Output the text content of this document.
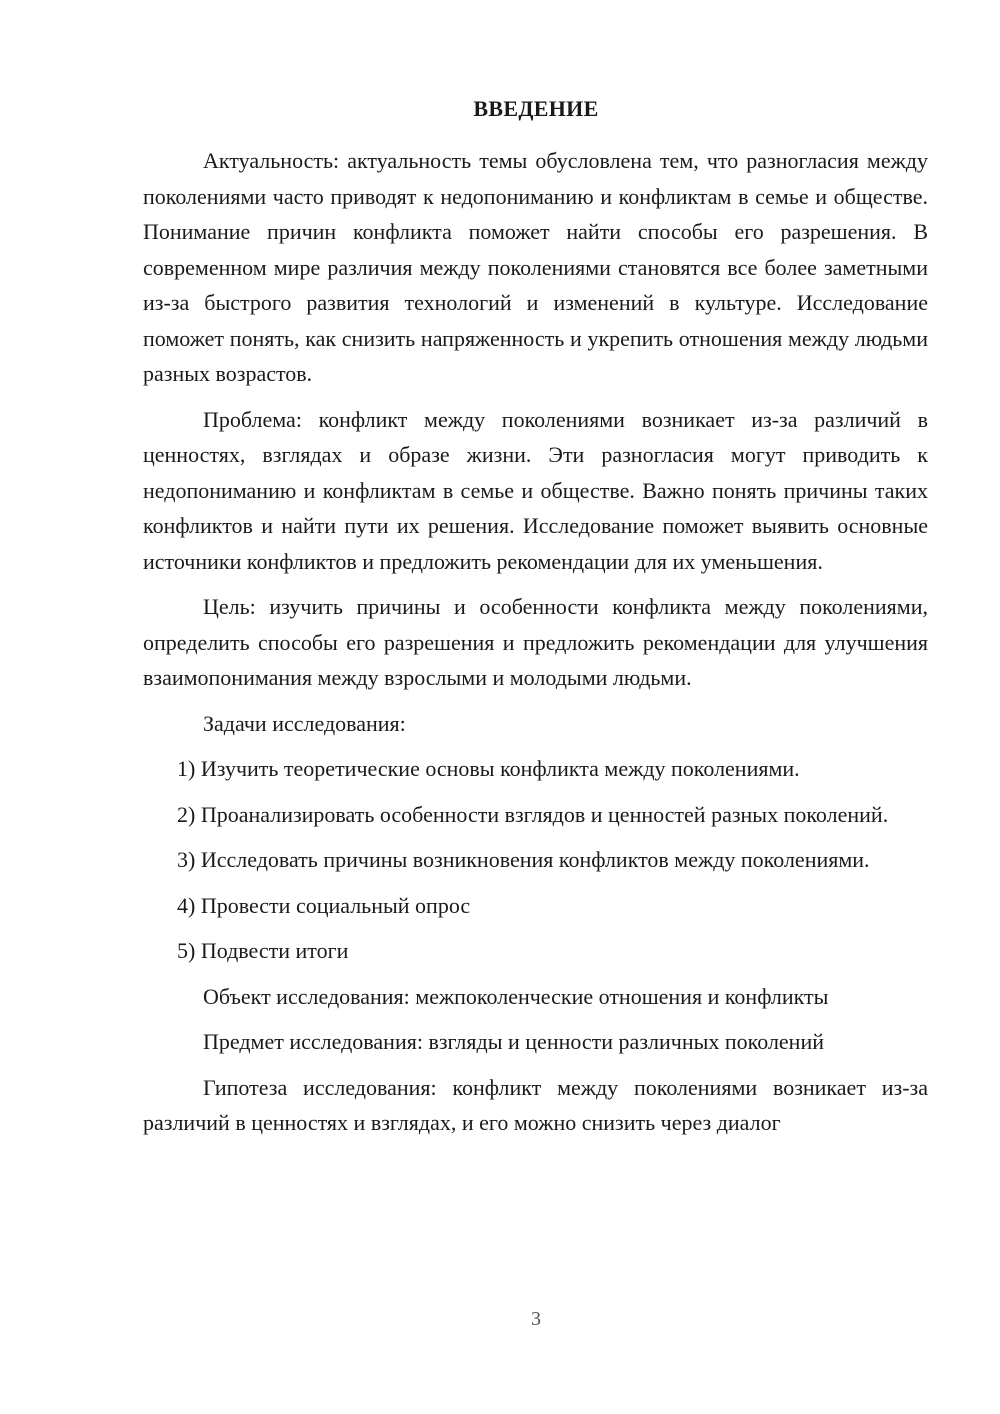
ВВЕДЕНИЕ

Актуальность: актуальность темы обусловлена тем, что разногласия между поколениями часто приводят к недопониманию и конфликтам в семье и обществе. Понимание причин конфликта поможет найти способы его разрешения. В современном мире различия между поколениями становятся все более заметными из-за быстрого развития технологий и изменений в культуре. Исследование поможет понять, как снизить напряженность и укрепить отношения между людьми разных возрастов.

Проблема: конфликт между поколениями возникает из-за различий в ценностях, взглядах и образе жизни. Эти разногласия могут приводить к недопониманию и конфликтам в семье и обществе. Важно понять причины таких конфликтов и найти пути их решения. Исследование поможет выявить основные источники конфликтов и предложить рекомендации для их уменьшения.

Цель: изучить причины и особенности конфликта между поколениями, определить способы его разрешения и предложить рекомендации для улучшения взаимопонимания между взрослыми и молодыми людьми.

Задачи исследования:

1) Изучить теоретические основы конфликта между поколениями.

2) Проанализировать особенности взглядов и ценностей разных поколений.

3) Исследовать причины возникновения конфликтов между поколениями.

4) Провести социальный опрос

5) Подвести итоги

Объект исследования: межпоколенческие отношения и конфликты

Предмет исследования: взгляды и ценности различных поколений

Гипотеза исследования: конфликт между поколениями возникает из-за различий в ценностях и взглядах, и его можно снизить через диалог

3
